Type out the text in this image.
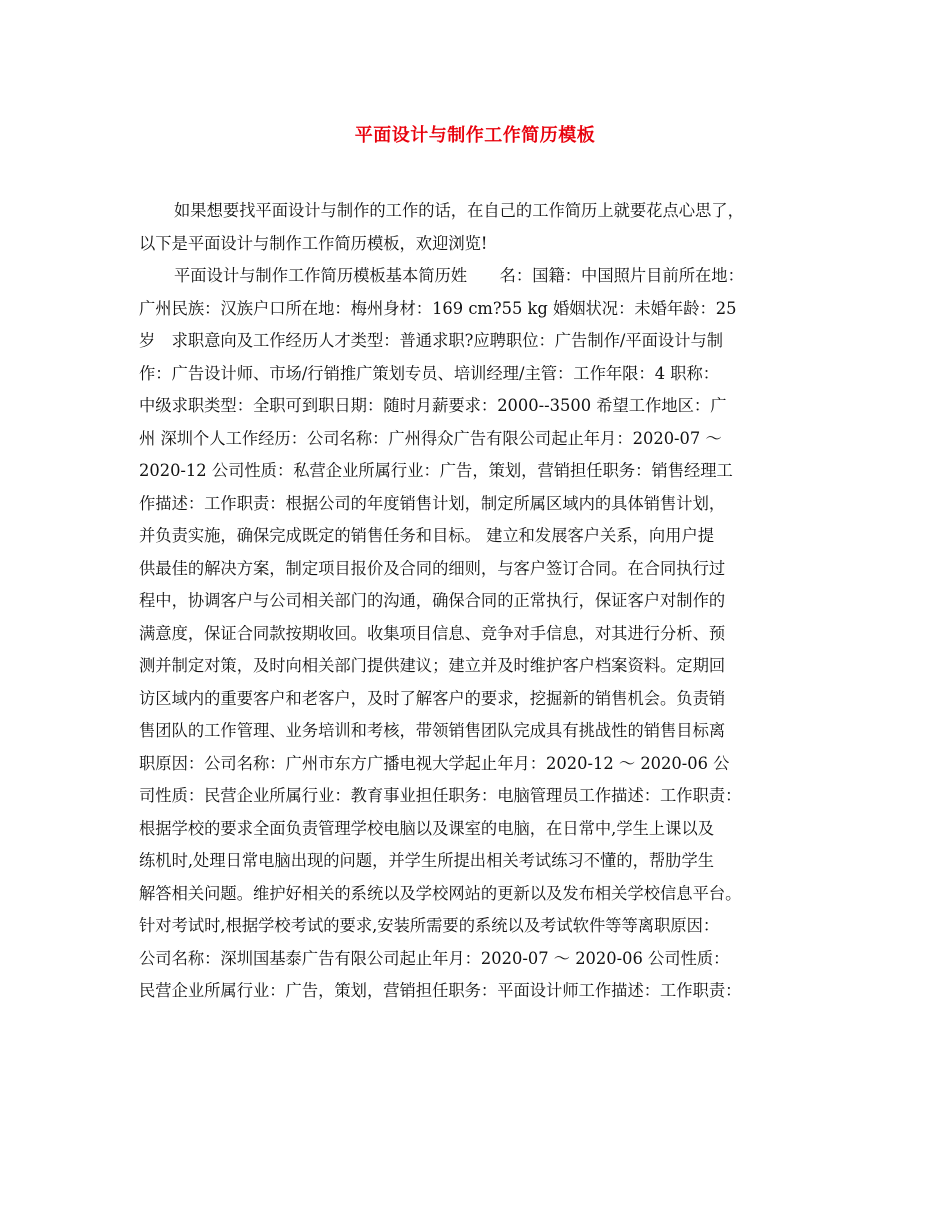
平面设计与制作工作简历模板
如果想要找平面设计与制作的工作的话，在自己的工作简历上就要花点心思了，
以下是平面设计与制作工作简历模板，欢迎浏览!
平面设计与制作工作简历模板基本简历姓　　名：国籍：中国照片目前所在地：
广州民族：汉族户口所在地：梅州身材：169 cm?55 kg 婚姻状况：未婚年龄：25
岁　求职意向及工作经历人才类型：普通求职?应聘职位：广告制作/平面设计与制
作：广告设计师、市场/行销推广策划专员、培训经理/主管：工作年限：4 职称：
中级求职类型：全职可到职日期：随时月薪要求：2000--3500 希望工作地区：广
州 深圳个人工作经历：公司名称：广州得众广告有限公司起止年月：2020-07 ～
2020-12 公司性质：私营企业所属行业：广告，策划，营销担任职务：销售经理工
作描述：工作职责：根据公司的年度销售计划，制定所属区域内的具体销售计划，
并负责实施，确保完成既定的销售任务和目标。 建立和发展客户关系，向用户提
供最佳的解决方案，制定项目报价及合同的细则，与客户签订合同。在合同执行过
程中，协调客户与公司相关部门的沟通，确保合同的正常执行，保证客户对制作的
满意度，保证合同款按期收回。收集项目信息、竞争对手信息，对其进行分析、预
测并制定对策，及时向相关部门提供建议；建立并及时维护客户档案资料。定期回
访区域内的重要客户和老客户，及时了解客户的要求，挖掘新的销售机会。负责销
售团队的工作管理、业务培训和考核，带领销售团队完成具有挑战性的销售目标离
职原因：公司名称：广州市东方广播电视大学起止年月：2020-12 ～ 2020-06 公
司性质：民营企业所属行业：教育事业担任职务：电脑管理员工作描述：工作职责：
根据学校的要求全面负责管理学校电脑以及课室的电脑，在日常中,学生上课以及
练机时,处理日常电脑出现的问题，并学生所提出相关考试练习不懂的，帮肋学生
解答相关问题。维护好相关的系统以及学校网站的更新以及发布相关学校信息平台。
针对考试时,根据学校考试的要求,安装所需要的系统以及考试软件等等离职原因：
公司名称：深圳国基泰广告有限公司起止年月：2020-07 ～ 2020-06 公司性质：
民营企业所属行业：广告，策划，营销担任职务：平面设计师工作描述：工作职责：
